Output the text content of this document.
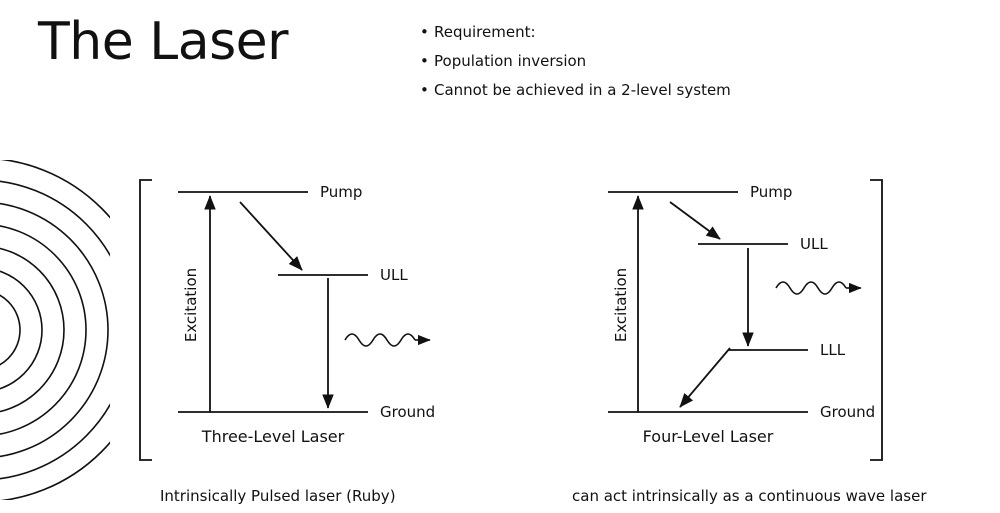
The Laser	• Requirement:
• Population inversion
• Cannot be achieved in a 2-level system
Excitation
Pump
ULL
Ground
Three-Level Laser
Excitation
Pump
ULL
LLL
Ground
Four-Level Laser
Intrinsically Pulsed laser (Ruby)	can act intrinsically as a continuous wave laser
